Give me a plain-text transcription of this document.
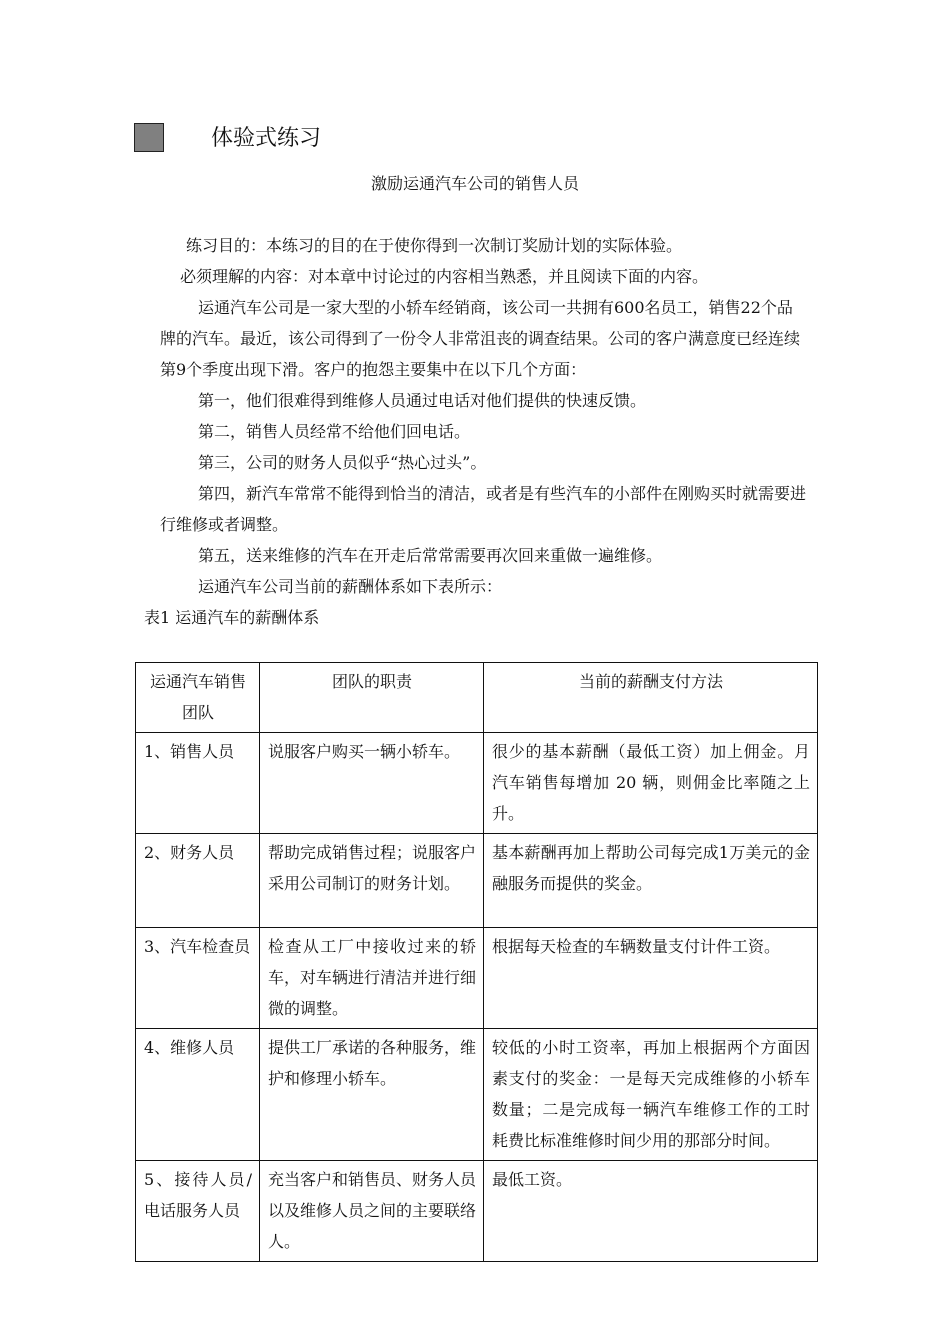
体验式练习
激励运通汽车公司的销售人员

练习目的：本练习的目的在于使你得到一次制订奖励计划的实际体验。

必须理解的内容：对本章中讨论过的内容相当熟悉，并且阅读下面的内容。

运通汽车公司是一家大型的小轿车经销商，该公司一共拥有600名员工，销售22个品牌的汽车。最近，该公司得到了一份令人非常沮丧的调查结果。公司的客户满意度已经连续第9个季度出现下滑。客户的抱怨主要集中在以下几个方面：

第一，他们很难得到维修人员通过电话对他们提供的快速反馈。

第二，销售人员经常不给他们回电话。

第三，公司的财务人员似乎“热心过头”。

第四，新汽车常常不能得到恰当的清洁，或者是有些汽车的小部件在刚购买时就需要进行维修或者调整。

第五，送来维修的汽车在开走后常常需要再次回来重做一遍维修。

运通汽车公司当前的薪酬体系如下表所示：

表1 运通汽车的薪酬体系
运通汽车销售团队	团队的职责	当前的薪酬支付方法
1、销售人员	说服客户购买一辆小轿车。	很少的基本薪酬（最低工资）加上佣金。月汽车销售每增加 20 辆，则佣金比率随之上升。
2、财务人员	帮助完成销售过程；说服客户采用公司制订的财务计划。	基本薪酬再加上帮助公司每完成1万美元的金融服务而提供的奖金。
3、汽车检查员	检查从工厂中接收过来的轿车，对车辆进行清洁并进行细微的调整。	根据每天检查的车辆数量支付计件工资。
4、维修人员	提供工厂承诺的各种服务，维护和修理小轿车。	较低的小时工资率，再加上根据两个方面因素支付的奖金：一是每天完成维修的小轿车数量；二是完成每一辆汽车维修工作的工时耗费比标准维修时间少用的那部分时间。
5、接待人员/电话服务人员	充当客户和销售员、财务人员以及维修人员之间的主要联络人。	最低工资。
